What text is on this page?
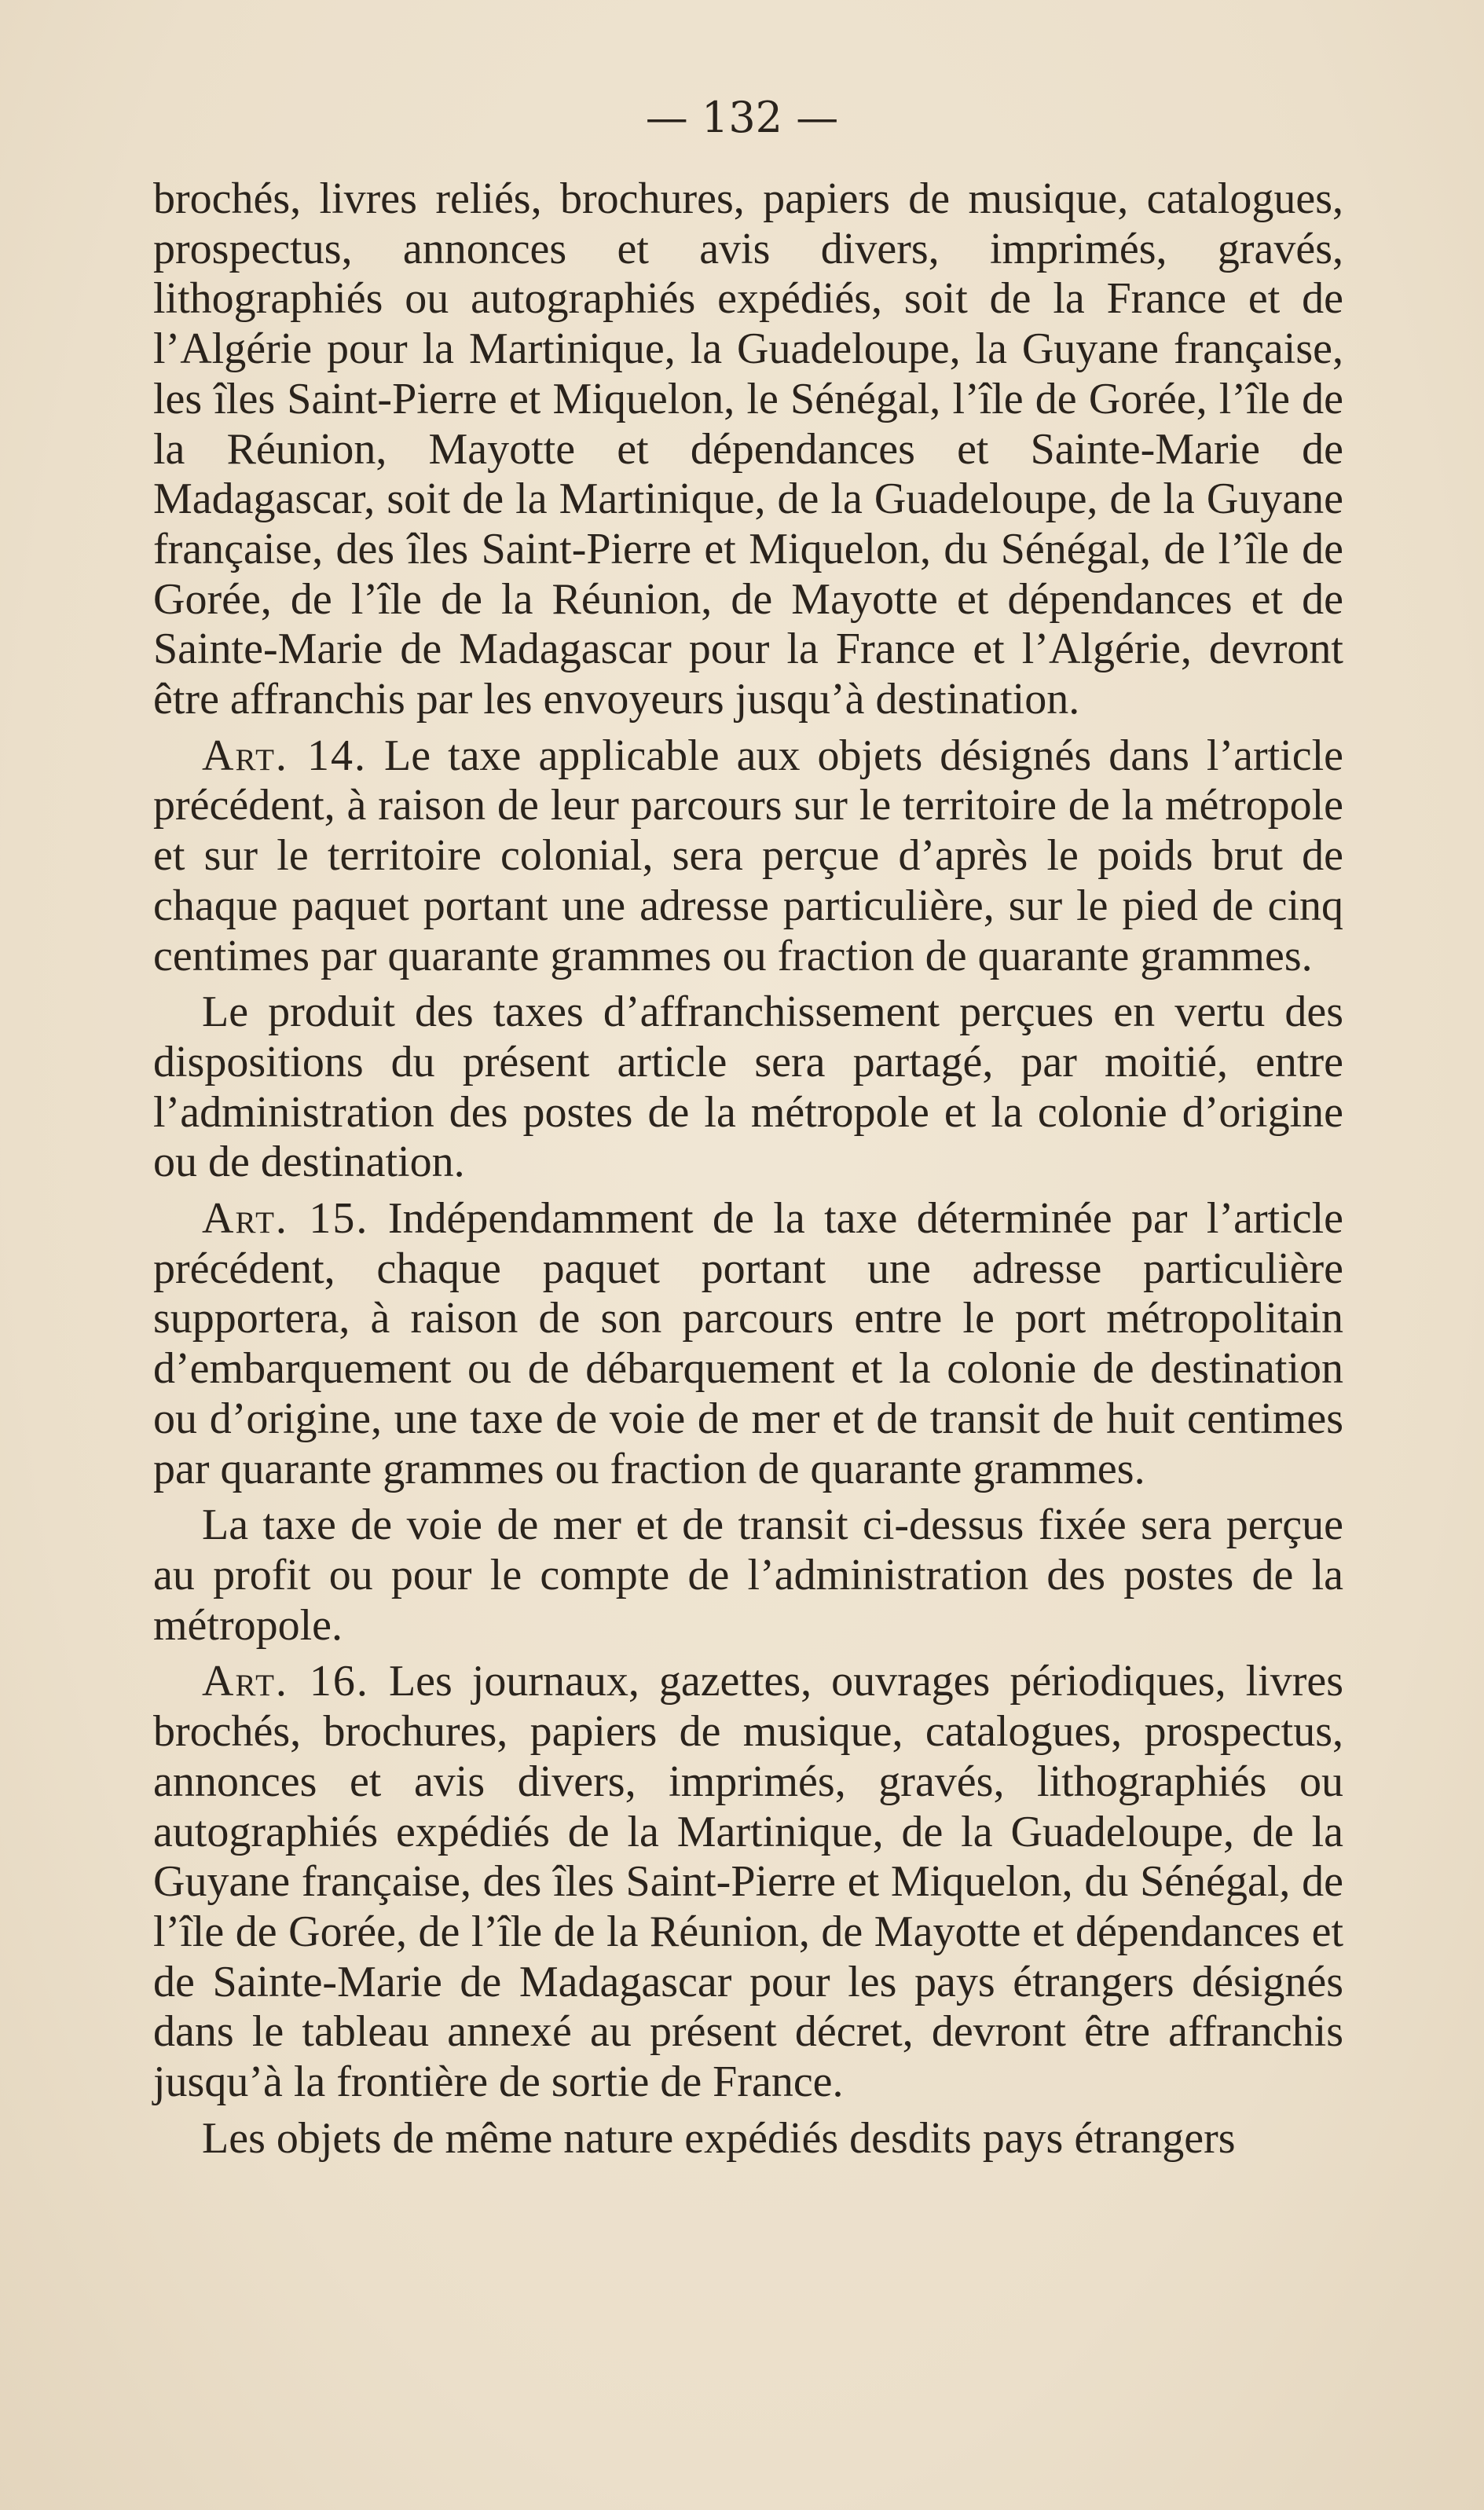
— 132 —

brochés, livres reliés, brochures, papiers de musique, catalogues, prospectus, annonces et avis divers, imprimés, gravés, lithographiés ou autographiés expédiés, soit de la France et de l’Algérie pour la Martinique, la Guadeloupe, la Guyane française, les îles Saint-Pierre et Miquelon, le Sénégal, l’île de Gorée, l’île de la Réunion, Mayotte et dépendances et Sainte-Marie de Madagascar, soit de la Martinique, de la Guadeloupe, de la Guyane française, des îles Saint-Pierre et Miquelon, du Sénégal, de l’île de Gorée, de l’île de la Réunion, de Mayotte et dépendances et de Sainte-Marie de Madagascar pour la France et l’Algérie, devront être affranchis par les envoyeurs jusqu’à destination.

Art. 14. Le taxe applicable aux objets désignés dans l’article précédent, à raison de leur parcours sur le territoire de la métropole et sur le territoire colonial, sera perçue d’après le poids brut de chaque paquet portant une adresse particulière, sur le pied de cinq centimes par quarante grammes ou fraction de quarante grammes.

Le produit des taxes d’affranchissement perçues en vertu des dispositions du présent article sera partagé, par moitié, entre l’administration des postes de la métropole et la colonie d’origine ou de destination.

Art. 15. Indépendamment de la taxe déterminée par l’article précédent, chaque paquet portant une adresse particulière supportera, à raison de son parcours entre le port métropolitain d’embarquement ou de débarquement et la colonie de destination ou d’origine, une taxe de voie de mer et de transit de huit centimes par quarante grammes ou fraction de quarante grammes.

La taxe de voie de mer et de transit ci-dessus fixée sera perçue au profit ou pour le compte de l’administration des postes de la métropole.

Art. 16. Les journaux, gazettes, ouvrages périodiques, livres brochés, brochures, papiers de musique, catalogues, prospectus, annonces et avis divers, imprimés, gravés, lithographiés ou autographiés expédiés de la Martinique, de la Guadeloupe, de la Guyane française, des îles Saint-Pierre et Miquelon, du Sénégal, de l’île de Gorée, de l’île de la Réunion, de Mayotte et dépendances et de Sainte-Marie de Madagascar pour les pays étrangers désignés dans le tableau annexé au présent décret, devront être affranchis jusqu’à la frontière de sortie de France.

Les objets de même nature expédiés desdits pays étrangers
